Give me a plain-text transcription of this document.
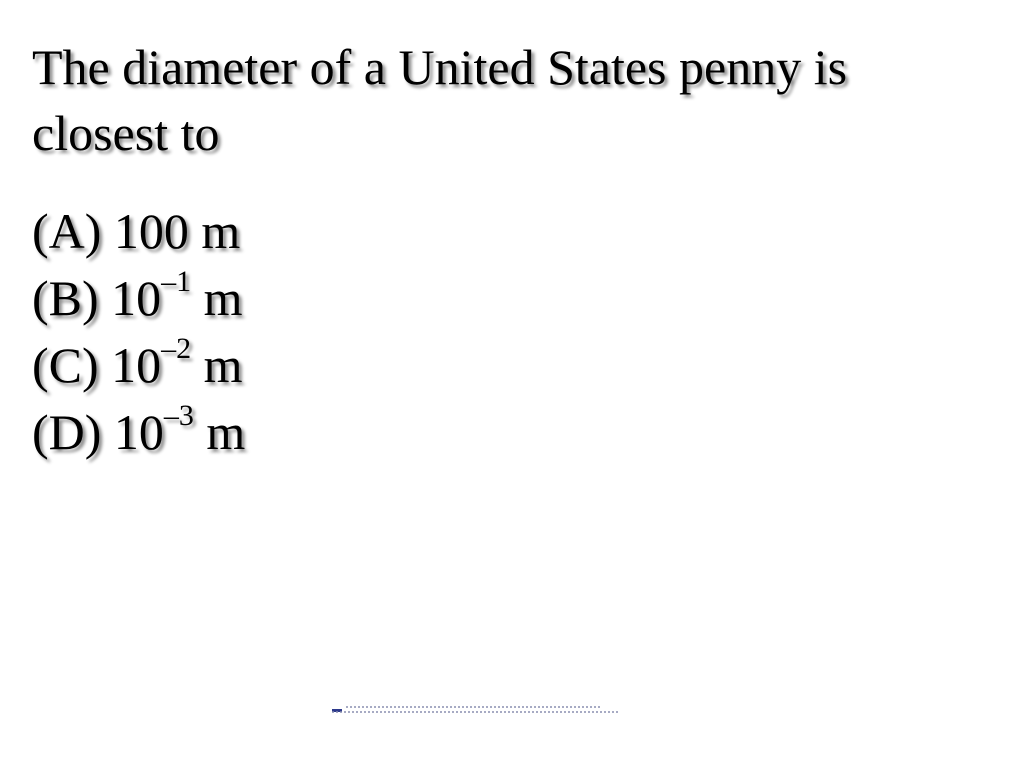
The diameter of a United States penny is closest to

(A) 100 m
(B) $10^{-1}$ m
(C) $10^{-2}$ m
(D) $10^{-3}$ m
